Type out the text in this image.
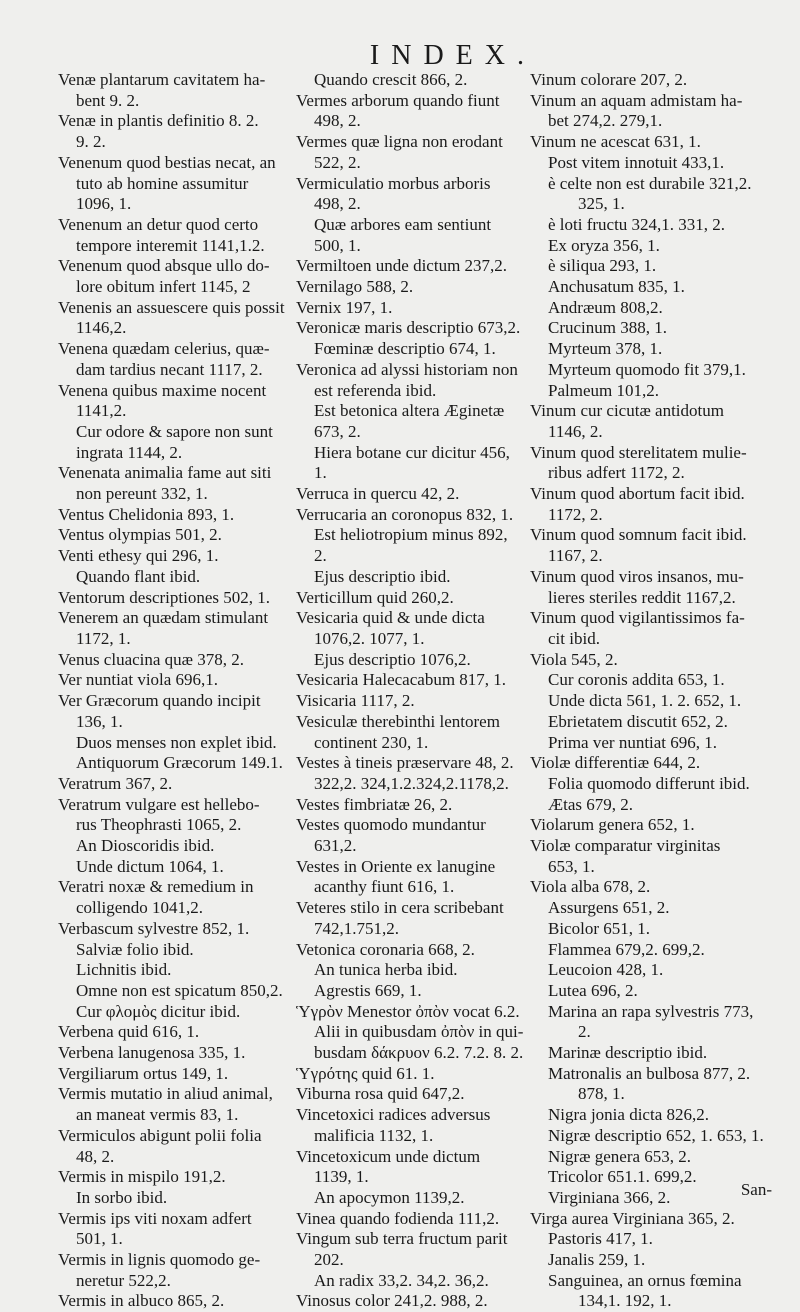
INDEX.
Venæ plantarum cavitatem ha-
bent 9. 2.
Venæ in plantis definitio 8. 2.
9. 2.
Venenum quod bestias necat, an
tuto ab homine assumitur
1096, 1.
Venenum an detur quod certo
tempore interemit 1141,1.2.
Venenum quod absque ullo do-
lore obitum infert 1145, 2
Venenis an assuescere quis possit
1146,2.
Venena quædam celerius, quæ-
dam tardius necant 1117, 2.
Venena quibus maxime nocent
1141,2.
Cur odore & sapore non sunt
ingrata 1144, 2.
Venenata animalia fame aut siti
non pereunt 332, 1.
Ventus Chelidonia 893, 1.
Ventus olympias 501, 2.
Venti ethesy qui 296, 1.
Quando flant ibid.
Ventorum descriptiones 502, 1.
Venerem an quædam stimulant
1172, 1.
Venus cluacina quæ 378, 2.
Ver nuntiat viola 696,1.
Ver Græcorum quando incipit
136, 1.
Duos menses non explet ibid.
Antiquorum Græcorum 149.1.
Veratrum 367, 2.
Veratrum vulgare est hellebo-
rus Theophrasti 1065, 2.
An Dioscoridis ibid.
Unde dictum 1064, 1.
Veratri noxæ & remedium in
colligendo 1041,2.
Verbascum sylvestre 852, 1.
Salviæ folio ibid.
Lichnitis ibid.
Omne non est spicatum 850,2.
Cur φλομὸς dicitur ibid.
Verbena quid 616, 1.
Verbena lanugenosa 335, 1.
Vergiliarum ortus 149, 1.
Vermis mutatio in aliud animal,
an maneat vermis 83, 1.
Vermiculos abigunt polii folia
48, 2.
Vermis in mispilo 191,2.
In sorbo ibid.
Vermis ips viti noxam adfert
501, 1.
Vermis in lignis quomodo ge-
neretur 522,2.
Vermis in albuco 865, 2.
Quando crescit 866, 2.
Vermes arborum quando fiunt
498, 2.
Vermes quæ ligna non erodant
522, 2.
Vermiculatio morbus arboris
498, 2.
Quæ arbores eam sentiunt
500, 1.
Vermiltoen unde dictum 237,2.
Vernilago 588, 2.
Vernix 197, 1.
Veronicæ maris descriptio 673,2.
Fœminæ descriptio 674, 1.
Veronica ad alyssi historiam non
est referenda ibid.
Est betonica altera Æginetæ
673, 2.
Hiera botane cur dicitur 456,
1.
Verruca in quercu 42, 2.
Verrucaria an coronopus 832, 1.
Est heliotropium minus 892,
2.
Ejus descriptio ibid.
Verticillum quid 260,2.
Vesicaria quid & unde dicta
1076,2. 1077, 1.
Ejus descriptio 1076,2.
Vesicaria Halecacabum 817, 1.
Visicaria 1117, 2.
Vesiculæ therebinthi lentorem
continent 230, 1.
Vestes à tineis præservare 48, 2.
322,2. 324,1.2.324,2.1178,2.
Vestes fimbriatæ 26, 2.
Vestes quomodo mundantur
631,2.
Vestes in Oriente ex lanugine
acanthy fiunt 616, 1.
Veteres stilo in cera scribebant
742,1.751,2.
Vetonica coronaria 668, 2.
An tunica herba ibid.
Agrestis 669, 1.
Ὑγρὸν Menestor ὀπὸν vocat 6.2.
Alii in quibusdam ὀπὸν in qui-
busdam δάκρυον 6.2. 7.2. 8. 2.
Ὑγρότης quid 61. 1.
Viburna rosa quid 647,2.
Vincetoxici radices adversus
malificia 1132, 1.
Vincetoxicum unde dictum
1139, 1.
An apocymon 1139,2.
Vinea quando fodienda 111,2.
Vingum sub terra fructum parit
202.
An radix 33,2. 34,2. 36,2.
Vinosus color 241,2. 988, 2.
Vinum colorare 207, 2.
Vinum an aquam admistam ha-
bet 274,2. 279,1.
Vinum ne acescat 631, 1.
Post vitem innotuit 433,1.
è celte non est durabile 321,2.
325, 1.
è loti fructu 324,1. 331, 2.
Ex oryza 356, 1.
è siliqua 293, 1.
Anchusatum 835, 1.
Andræum 808,2.
Crucinum 388, 1.
Myrteum 378, 1.
Myrteum quomodo fit 379,1.
Palmeum 101,2.
Vinum cur cicutæ antidotum
1146, 2.
Vinum quod sterelitatem mulie-
ribus adfert 1172, 2.
Vinum quod abortum facit ibid.
1172, 2.
Vinum quod somnum facit ibid.
1167, 2.
Vinum quod viros insanos, mu-
lieres steriles reddit 1167,2.
Vinum quod vigilantissimos fa-
cit ibid.
Viola 545, 2.
Cur coronis addita 653, 1.
Unde dicta 561, 1. 2. 652, 1.
Ebrietatem discutit 652, 2.
Prima ver nuntiat 696, 1.
Violæ differentiæ 644, 2.
Folia quomodo differunt ibid.
Ætas 679, 2.
Violarum genera 652, 1.
Violæ comparatur virginitas
653, 1.
Viola alba 678, 2.
Assurgens 651, 2.
Bicolor 651, 1.
Flammea 679,2. 699,2.
Leucoion 428, 1.
Lutea 696, 2.
Marina an rapa sylvestris 773,
2.
Marinæ descriptio ibid.
Matronalis an bulbosa 877, 2.
878, 1.
Nigra jonia dicta 826,2.
Nigræ descriptio 652, 1. 653, 1.
Nigræ genera 653, 2.
Tricolor 651.1. 699,2.
Virginiana 366, 2.
Virga aurea Virginiana 365, 2.
Pastoris 417, 1.
Janalis 259, 1.
Sanguinea, an ornus fœmina
134,1. 192, 1.
San-
